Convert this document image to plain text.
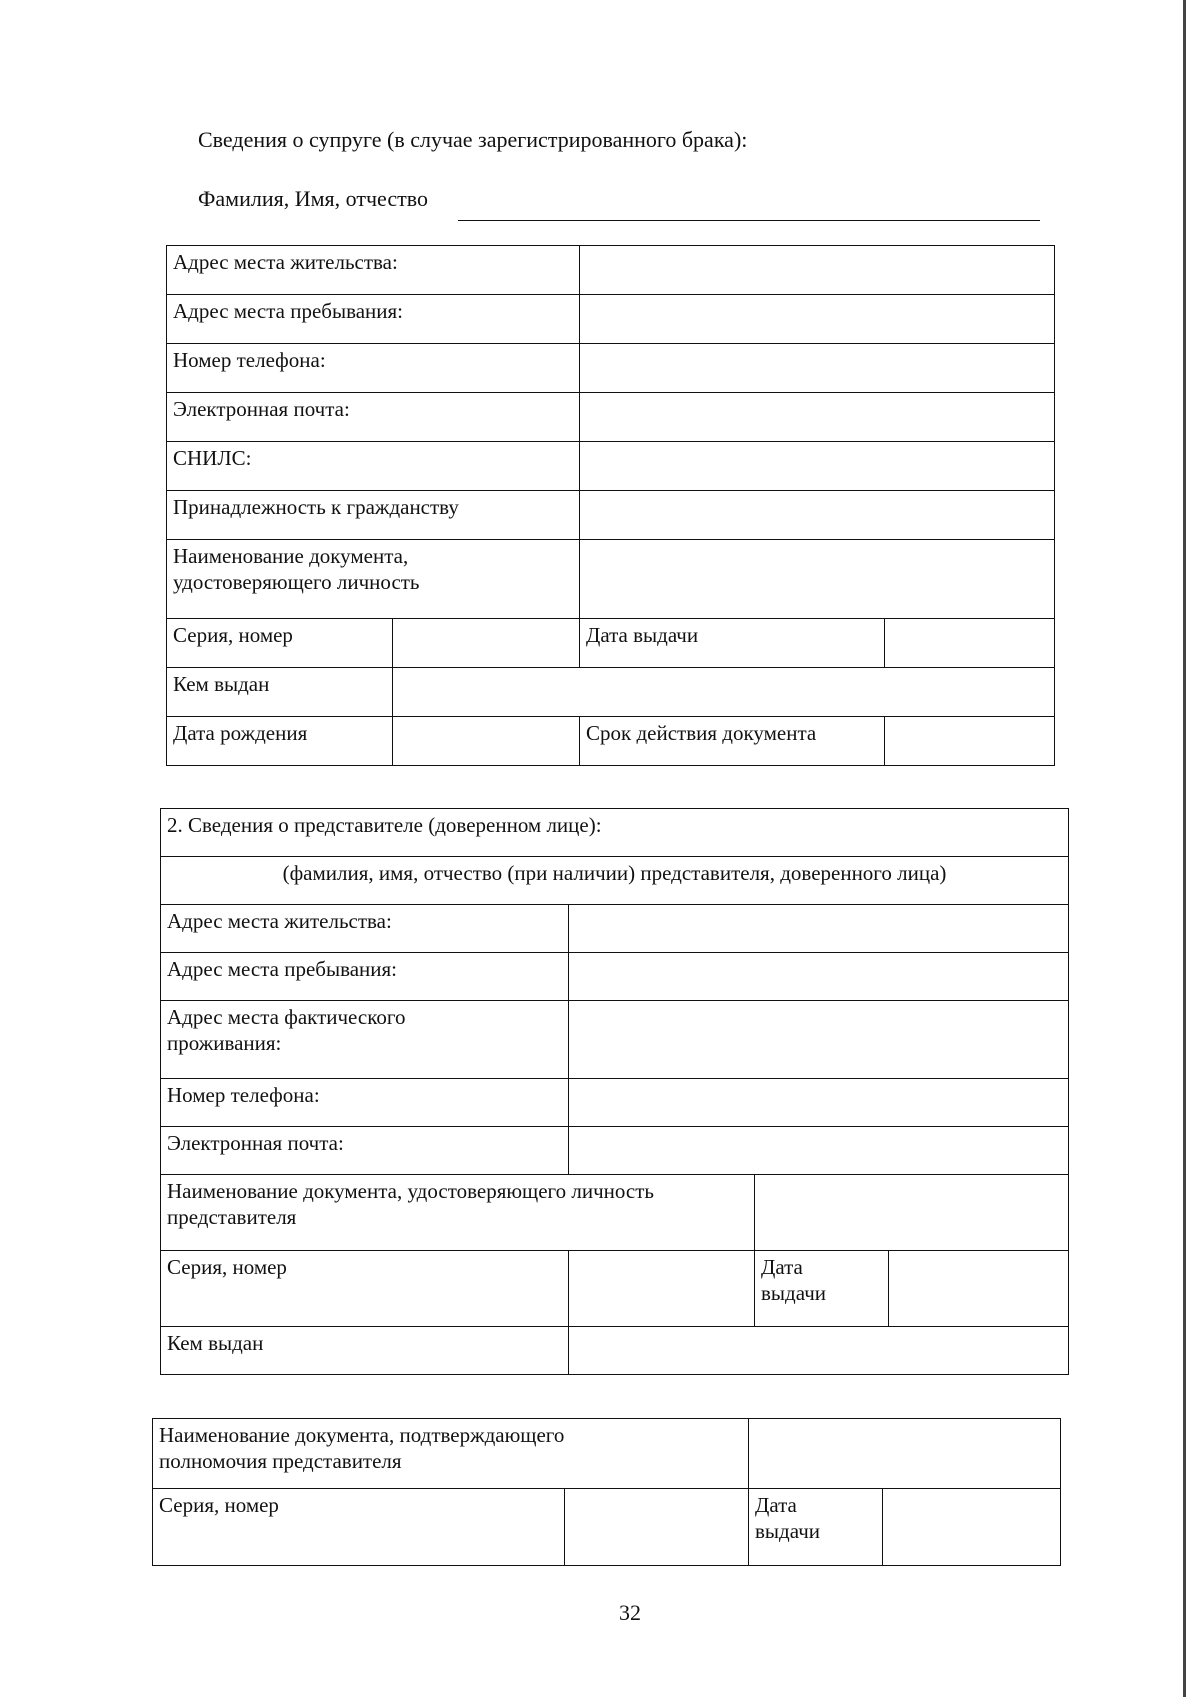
Сведения о супруге (в случае зарегистрированного брака):
Фамилия, Имя, отчество
Адрес места жительства:			
Адрес места пребывания:			
Номер телефона:			
Электронная почта:			
СНИЛС:			
Принадлежность к гражданству			

Наименование документа,
удостоверяющего личность			

Серия, номер		Дата выдачи	
Кем выдан			
Дата рождения		Срок действия документа	
2. Сведения о представителе (доверенном лице):			
(фамилия, имя, отчество (при наличии) представителя, доверенного лица)			
Адрес места жительства:			
Адрес места пребывания:			

Адрес места фактического
проживания:			

Номер телефона:			
Электронная почта:			

Наименование документа, удостоверяющего личность
представителя			

Серия, номер		Дата
выдачи	

Кем выдан			
Наименование документа, подтверждающего
полномочия представителя			

Серия, номер		Дата
выдачи	

32
